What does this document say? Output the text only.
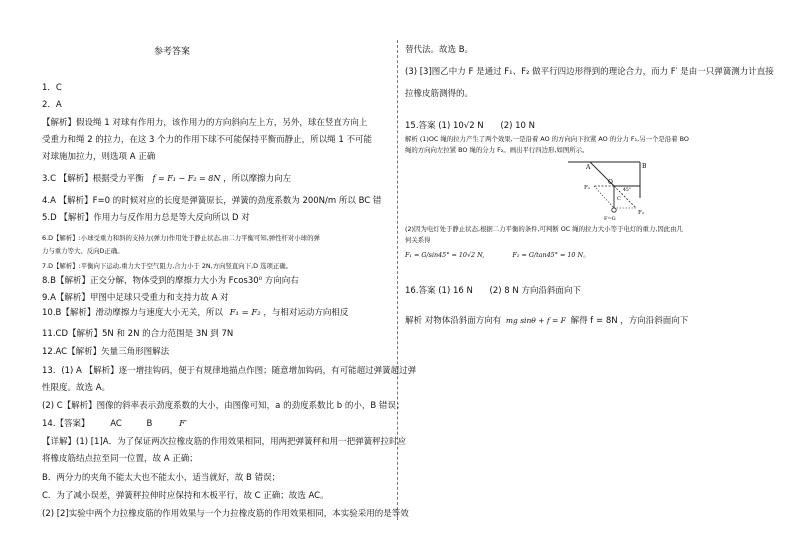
参考答案
1．C
2．A
【解析】假设绳 1 对球有作用力，该作用力的方向斜向左上方，另外，球在竖直方向上
受重力和绳 2 的拉力，在这 3 个力的作用下球不可能保持平衡而静止，所以绳 1 不可能
对球施加拉力，则选项 A 正确
3.C 【解析】根据受力平衡 f = F₁ − F₂ = 8N ，所以摩擦力向左
4.A 【解析】F=0 的时候对应的长度是弹簧原长，弹簧的劲度系数为 200N/m 所以 BC 错
5.D 【解析】作用力与反作用力总是等大反向所以 D 对
6.D【解析】:小球受重力和斜的支持力(弹力)作用处于静止状态,由二力平衡可知,弹性杆对小球的弹
力与重力等大、反向D正确。
7.D【解析】:平衡向下运动,重力大于空气阻力,合力小于 2N,方向竖直向下,D 选项正确。
8.B【解析】正交分解，物体受到的摩擦力大小为 Fcos30⁰ 方向向右
9.A【解析】甲图中足球只受重力和支持力故 A 对
10.B【解析】滑动摩擦力与速度大小无关，所以 F₁ = F₂ ，与相对运动方向相反
11.CD【解析】5N 和 2N 的合力范围是 3N 到 7N
12.AC【解析】矢量三角形图解法
13．(1) A 【解析】逐一增挂钩码，便于有规律地描点作图；随意增加钩码，有可能超过弹簧超过弹
性限度。故选 A。
(2) C【解析】图像的斜率表示劲度系数的大小，由图像可知，a 的劲度系数比 b 的小，B 错误；
14.【答案】 AC	B	F′
【详解】(1) [1]A．为了保证两次拉橡皮筋的作用效果相同，用两把弹簧秤和用一把弹簧秤拉时应
将橡皮筋结点拉至同一位置，故 A 正确；
B．两分力的夹角不能太大也不能太小，适当就好，故 B 错误；
C．为了减小误差，弹簧秤拉伸时应保持和木板平行，故 C 正确；故选 AC。
(2) [2]实验中两个力拉橡皮筋的作用效果与一个力拉橡皮筋的作用效果相同，本实验采用的是等效
替代法。故选 B。
(3) [3]图乙中力 F 是通过 F₁、F₂ 做平行四边形得到的理论合力，而力 F′ 是由一只弹簧测力计直接
拉橡皮筋测得的。
15.答案 (1) 10√2 N (2) 10 N
解析 (1)OC 绳的拉力产生了两个效果,一是沿着 AO 的方向向下拉紧 AO 的分力 F₁,另一个是沿着 BO
绳的方向向左拉紧 BO 绳的分力 F₂。画出平行四边形,如图所示。
A	B
O
C
F₁
F₂
F=G
45°
(2)因为电灯处于静止状态,根据二力平衡的条件,可判断 OC 绳的拉力大小等于电灯的重力,因此由几
何关系得
F₁ = G/sin45° = 10√2 N,	F₂ = G/tan45° = 10 N。
16.答案 (1) 16 N (2) 8 N 方向沿斜面向下
解析 对物体沿斜面方向有 mg sinθ + f = F 解得 f = 8N ，方向沿斜面向下
